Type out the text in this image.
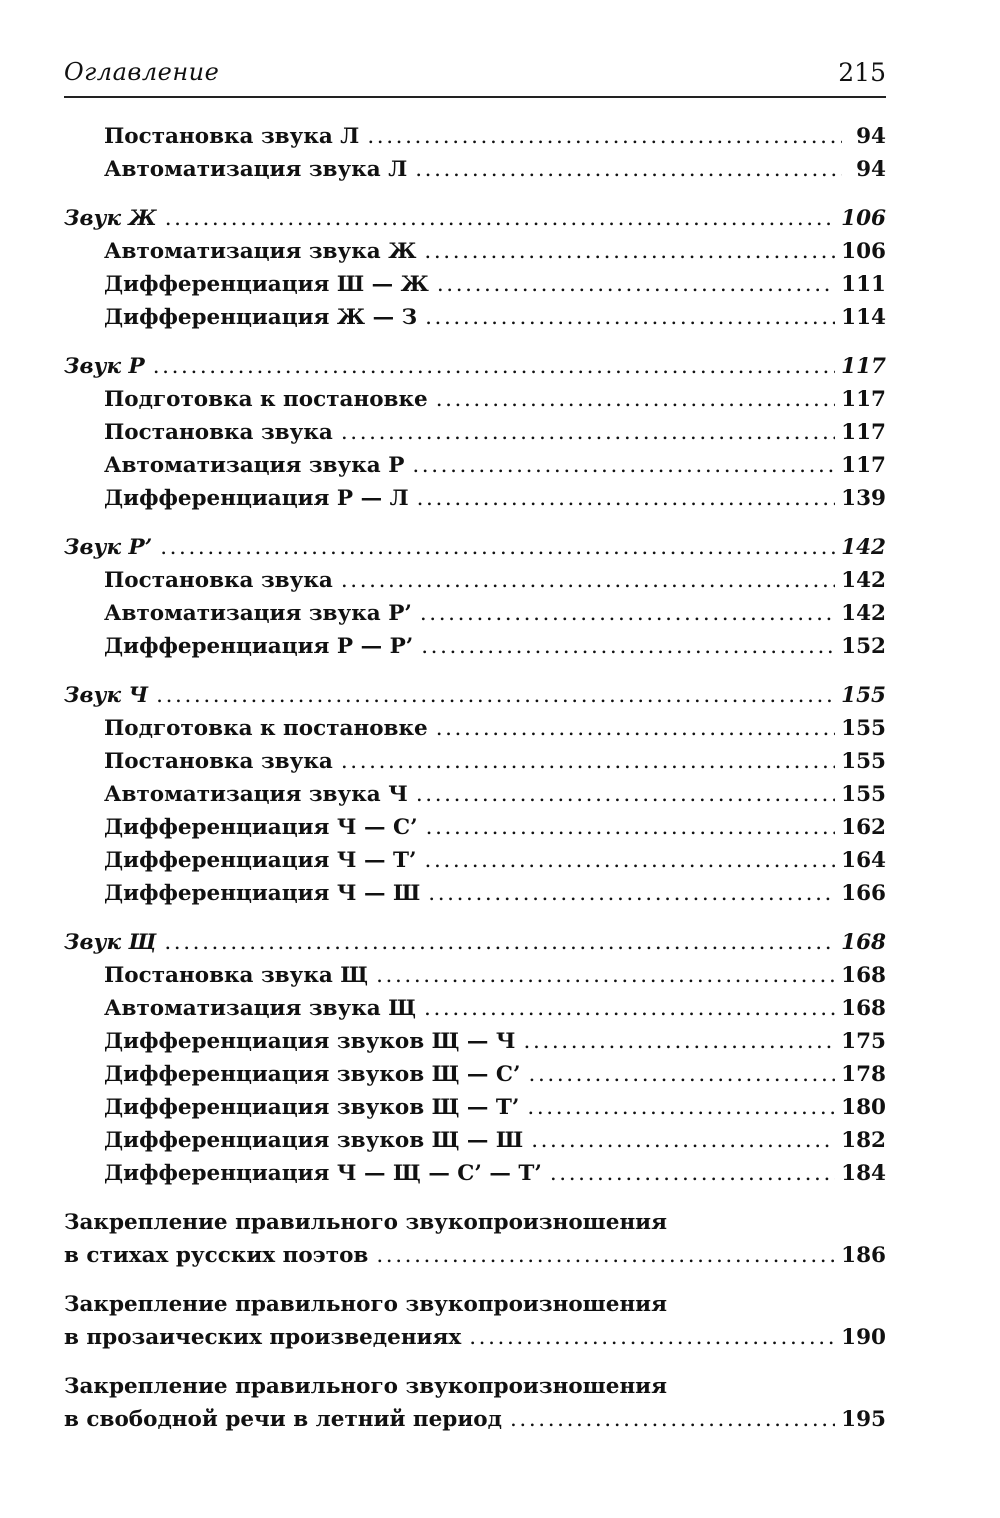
Оглавление	215
Постановка звука Л .....	94
Автоматизация звука Л .....	94
Звук Ж .....	106
Автоматизация звука Ж .....	106
Дифференциация Ш — Ж .....	111
Дифференциация Ж — З .....	114
Звук Р .....	117
Подготовка к постановке .....	117
Постановка звука .....	117
Автоматизация звука Р .....	117
Дифференциация Р — Л .....	139
Звук Р’ .....	142
Постановка звука .....	142
Автоматизация звука Р’ .....	142
Дифференциация Р — Р’ .....	152
Звук Ч .....	155
Подготовка к постановке .....	155
Постановка звука .....	155
Автоматизация звука Ч .....	155
Дифференциация Ч — С’ .....	162
Дифференциация Ч — Т’ .....	164
Дифференциация Ч — Ш .....	166
Звук Щ .....	168
Постановка звука Щ .....	168
Автоматизация звука Щ .....	168
Дифференциация звуков Щ — Ч .....	175
Дифференциация звуков Щ — С’ .....	178
Дифференциация звуков Щ — Т’ .....	180
Дифференциация звуков Щ — Ш .....	182
Дифференциация Ч — Щ — С’ — Т’ .....	184
Закрепление правильного звукопроизношения
в стихах русских поэтов .....	186
Закрепление правильного звукопроизношения
в прозаических произведениях .....	190
Закрепление правильного звукопроизношения
в свободной речи в летний период .....	195
